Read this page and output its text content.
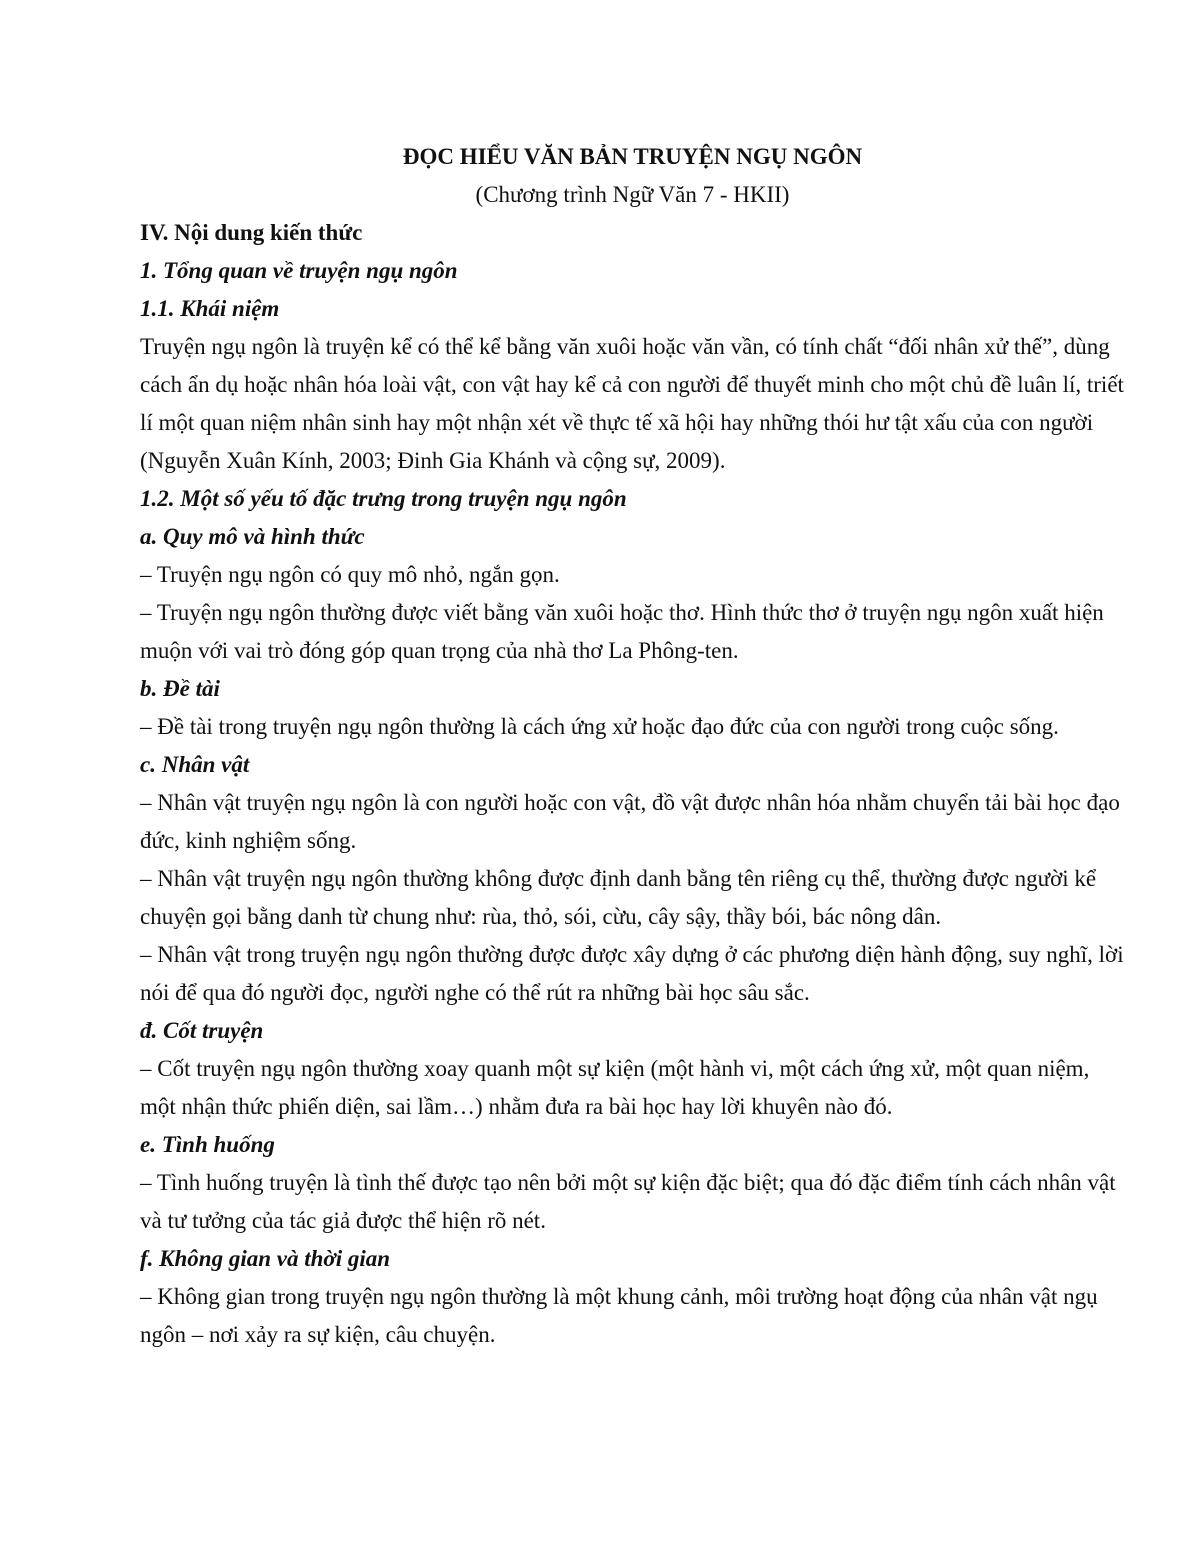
ĐỌC HIỂU VĂN BẢN TRUYỆN NGỤ NGÔN

(Chương trình Ngữ Văn 7 - HKII)

IV. Nội dung kiến thức

1. Tổng quan về truyện ngụ ngôn

1.1. Khái niệm

Truyện ngụ ngôn là truyện kể có thể kể bằng văn xuôi hoặc văn vần, có tính chất “đối nhân xử thế”, dùng cách ẩn dụ hoặc nhân hóa loài vật, con vật hay kể cả con người để thuyết minh cho một chủ đề luân lí, triết lí một quan niệm nhân sinh hay một nhận xét về thực tế xã hội hay những thói hư tật xấu của con người (Nguyễn Xuân Kính, 2003; Đinh Gia Khánh và cộng sự, 2009).

1.2. Một số yếu tố đặc trưng trong truyện ngụ ngôn

a. Quy mô và hình thức

– Truyện ngụ ngôn có quy mô nhỏ, ngắn gọn.

– Truyện ngụ ngôn thường được viết bằng văn xuôi hoặc thơ. Hình thức thơ ở truyện ngụ ngôn xuất hiện muộn với vai trò đóng góp quan trọng của nhà thơ La Phông-ten.

b. Đề tài

– Đề tài trong truyện ngụ ngôn thường là cách ứng xử hoặc đạo đức của con người trong cuộc sống.

c. Nhân vật

– Nhân vật truyện ngụ ngôn là con người hoặc con vật, đồ vật được nhân hóa nhằm chuyển tải bài học đạo đức, kinh nghiệm sống.

– Nhân vật truyện ngụ ngôn thường không được định danh bằng tên riêng cụ thể, thường được người kể chuyện gọi bằng danh từ chung như: rùa, thỏ, sói, cừu, cây sậy, thầy bói, bác nông dân.

– Nhân vật trong truyện ngụ ngôn thường được được xây dựng ở các phương diện hành động, suy nghĩ, lời nói để qua đó người đọc, người nghe có thể rút ra những bài học sâu sắc.

đ. Cốt truyện

– Cốt truyện ngụ ngôn thường xoay quanh một sự kiện (một hành vi, một cách ứng xử, một quan niệm, một nhận thức phiến diện, sai lầm…) nhằm đưa ra bài học hay lời khuyên nào đó.

e. Tình huống

– Tình huống truyện là tình thế được tạo nên bởi một sự kiện đặc biệt; qua đó đặc điểm tính cách nhân vật và tư tưởng của tác giả được thể hiện rõ nét.

f. Không gian và thời gian

– Không gian trong truyện ngụ ngôn thường là một khung cảnh, môi trường hoạt động của nhân vật ngụ ngôn – nơi xảy ra sự kiện, câu chuyện.
